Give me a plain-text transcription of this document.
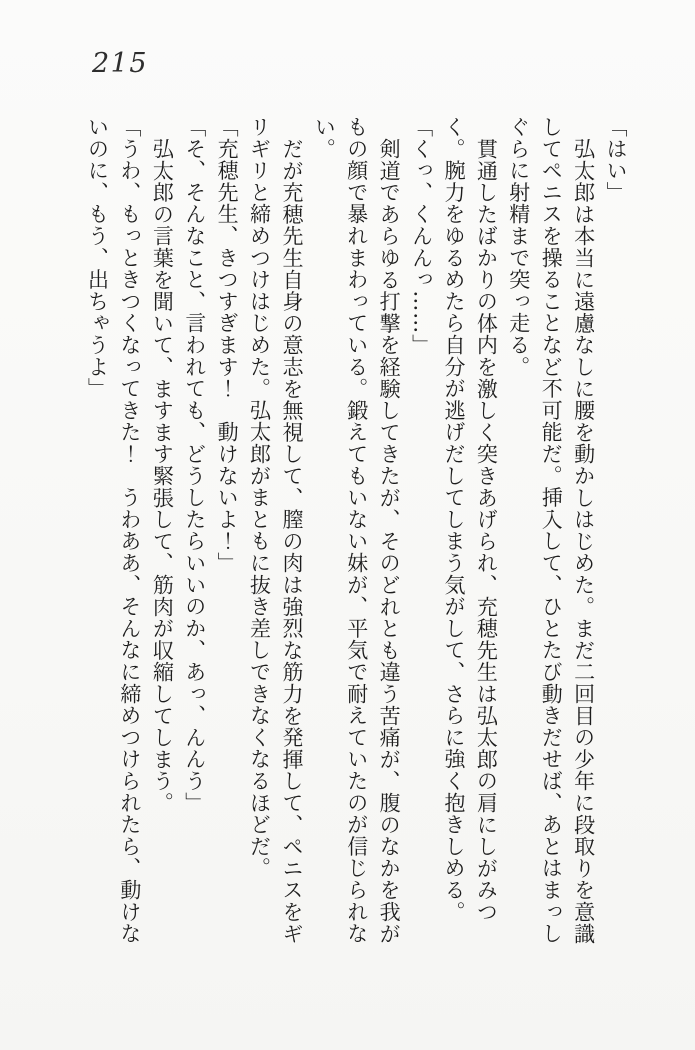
215

「はい」

弘太郎は本当に遠慮なしに腰を動かしはじめた。まだ二回目の少年に段取りを意識してペニスを操ることなど不可能だ。挿入して、ひとたび動きだせば、あとはまっしぐらに射精まで突っ走る。

貫通したばかりの体内を激しく突きあげられ、充穂先生は弘太郎の肩にしがみつく。腕力をゆるめたら自分が逃げだしてしまう気がして、さらに強く抱きしめる。

「くっ、くんんっ……」

剣道であらゆる打撃を経験してきたが、そのどれとも違う苦痛が、腹のなかを我がもの顔で暴れまわっている。鍛えてもいない妹が、平気で耐えていたのが信じられない。

だが充穂先生自身の意志を無視して、膣の肉は強烈な筋力を発揮して、ペニスをギリギリと締めつけはじめた。弘太郎がまともに抜き差しできなくなるほどだ。

「充穂先生、きつすぎます！　動けないよ！」

「そ、そんなこと、言われても、どうしたらいいのか、あっ、んんう」

弘太郎の言葉を聞いて、ますます緊張して、筋肉が収縮してしまう。

「うわ、もっときつくなってきた！　うわああ、そんなに締めつけられたら、動けないのに、もう、出ちゃうよ」
